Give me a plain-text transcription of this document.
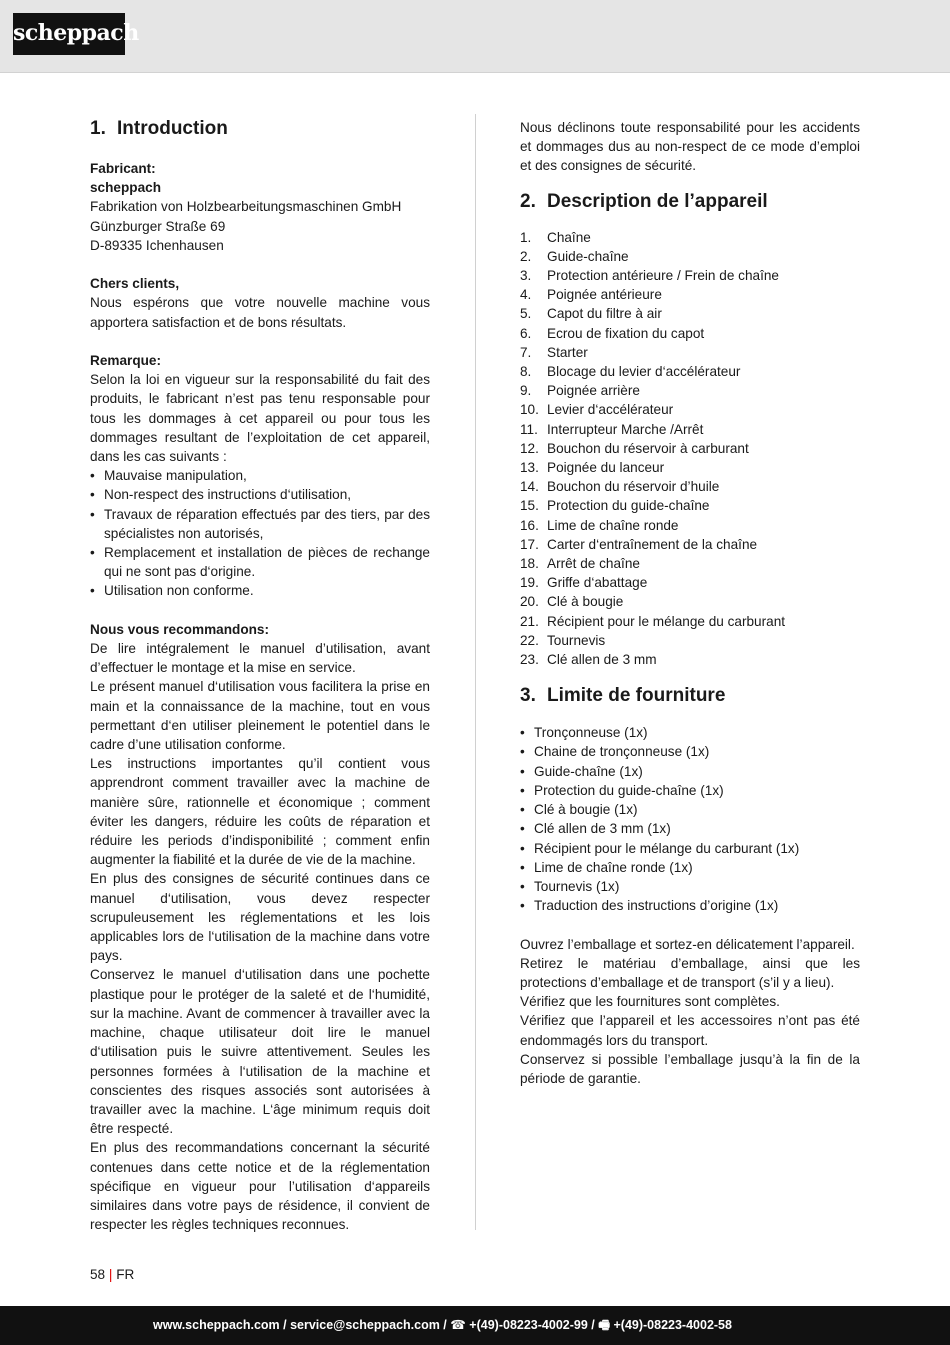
scheppach
1. Introduction

Fabricant:

scheppach

Fabrikation von Holzbearbeitungsmaschinen GmbH

Günzburger Straße 69

D-89335 Ichenhausen

Chers clients,

Nous espérons que votre nouvelle machine vous apportera satisfaction et de bons résultats.

Remarque:

Selon la loi en vigueur sur la responsabilité du fait des produits, le fabricant n’est pas tenu responsable pour tous les dommages à cet appareil ou pour tous les dommages resultant de l’exploitation de cet appareil, dans les cas suivants :

• Mauvaise manipulation,
• Non-respect des instructions d‘utilisation,
• Travaux de réparation effectués par des tiers, par des spécialistes non autorisés,
• Remplacement et installation de pièces de rechange qui ne sont pas d‘origine.
• Utilisation non conforme.

Nous vous recommandons:

De lire intégralement le manuel d’utilisation, avant d’effectuer le montage et la mise en service.

Le présent manuel d‘utilisation vous facilitera la prise en main et la connaissance de la machine, tout en vous permettant d‘en utiliser pleinement le potentiel dans le cadre d’une utilisation conforme.

Les instructions importantes qu’il contient vous apprendront comment travailler avec la machine de manière sûre, rationnelle et économique ; comment éviter les dangers, réduire les coûts de réparation et réduire les periods d’indisponibilité ; comment enfin augmenter la fiabilité et la durée de vie de la machine.

En plus des consignes de sécurité continues dans ce manuel d‘utilisation, vous devez respecter scrupuleusement les réglementations et les lois applicables lors de l‘utilisation de la machine dans votre pays.

Conservez le manuel d‘utilisation dans une pochette plastique pour le protéger de la saleté et de l‘humidité, sur la machine. Avant de commencer à travailler avec la machine, chaque utilisateur doit lire le manuel d‘utilisation puis le suivre attentivement. Seules les personnes formées à l‘utilisation de la machine et conscientes des risques associés sont autorisées à travailler avec la machine. L‘âge minimum requis doit être respecté.

En plus des recommandations concernant la sécurité contenues dans cette notice et de la réglementation spécifique en vigueur pour l’utilisation d‘appareils similaires dans votre pays de résidence, il convient de respecter les règles techniques reconnues.

Nous déclinons toute responsabilité pour les accidents et dommages dus au non-respect de ce mode d’emploi et des consignes de sécurité.

2. Description de l’appareil
1.	Chaîne
2.	Guide-chaîne
3.	Protection antérieure / Frein de chaîne
4.	Poignée antérieure
5.	Capot du filtre à air
6.	Ecrou de fixation du capot
7.	Starter
8.	Blocage du levier d‘accélérateur
9.	Poignée arrière
10. Levier d‘accélérateur
11. Interrupteur Marche /Arrêt
12. Bouchon du réservoir à carburant
13. Poignée du lanceur
14. Bouchon du réservoir d’huile
15. Protection du guide-chaîne
16. Lime de chaîne ronde
17. Carter d‘entraînement de la chaîne
18. Arrêt de chaîne
19. Griffe d‘abattage
20. Clé à bougie
21. Récipient pour le mélange du carburant
22. Tournevis
23. Clé allen de 3 mm
3. Limite de fourniture
• Tronçonneuse (1x)
• Chaine de tronçonneuse (1x)
• Guide-chaîne (1x)
• Protection du guide-chaîne (1x)
• Clé à bougie (1x)
• Clé allen de 3 mm (1x)
• Récipient pour le mélange du carburant (1x)
• Lime de chaîne ronde (1x)
• Tournevis (1x)
• Traduction des instructions d’origine (1x)

Ouvrez l’emballage et sortez-en délicatement l’appareil.

Retirez le matériau d’emballage, ainsi que les protections d’emballage et de transport (s’il y a lieu).

Vérifiez que les fournitures sont complètes.

Vérifiez que l’appareil et les accessoires n’ont pas été endommagés lors du transport.

Conservez si possible l’emballage jusqu’à la fin de la période de garantie.

58 | FR
www.scheppach.com / service@scheppach.com / ☎ +(49)-08223-4002-99 / 🖷 +(49)-08223-4002-58
